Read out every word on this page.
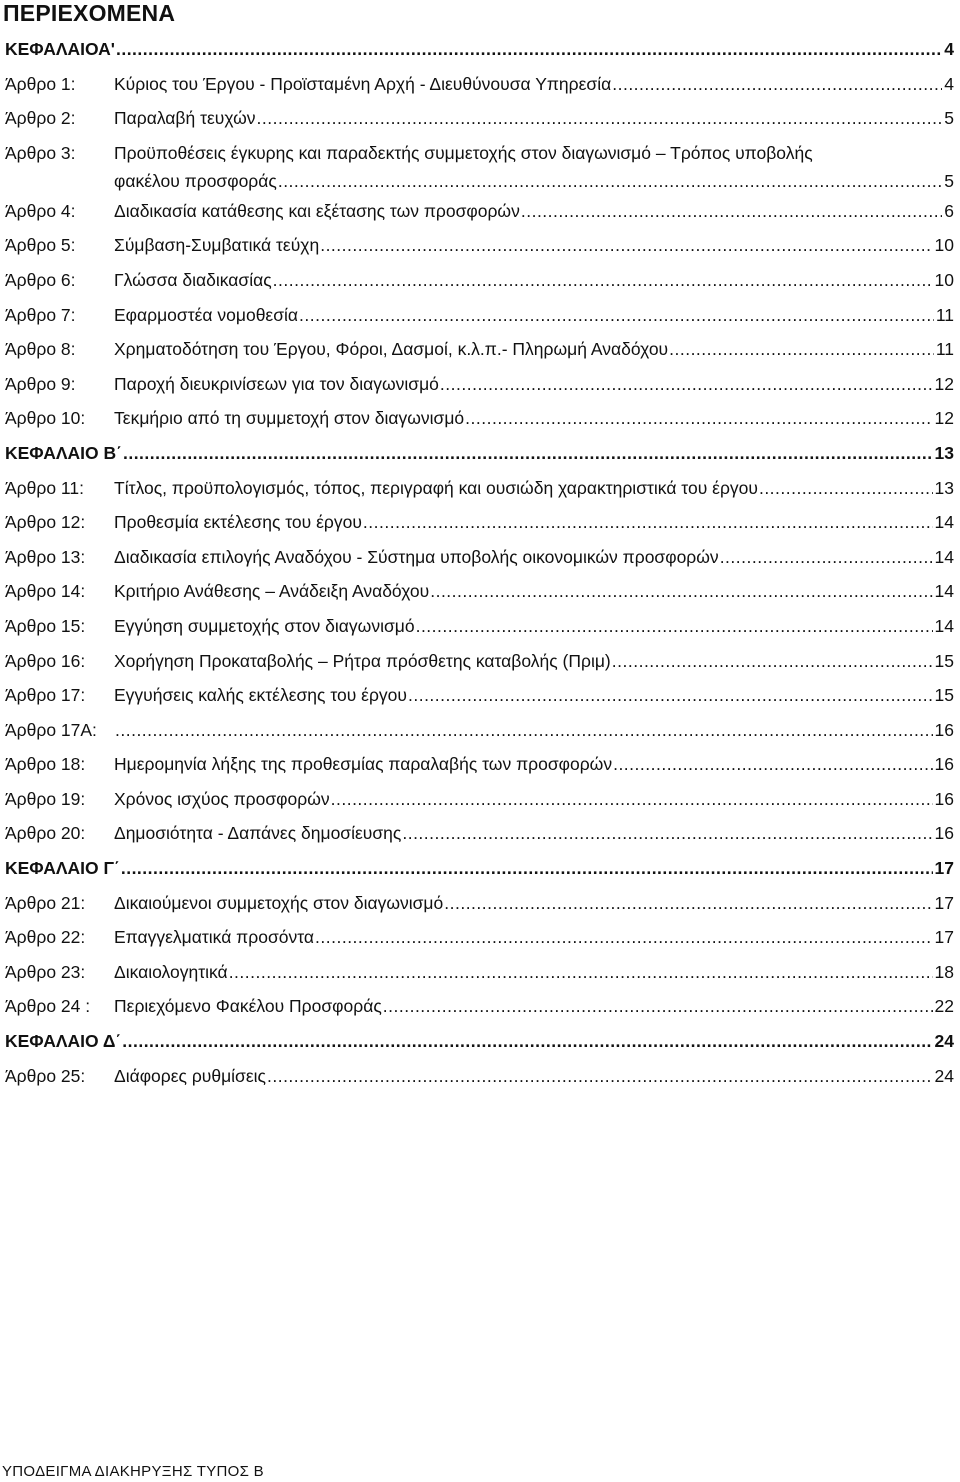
ΠΕΡΙΕΧΟΜΕΝΑ
ΚΕΦΑΛΑΙΟΑ' .....	4
Άρθρο 1: Κύριος του Έργου - Προϊσταμένη Αρχή - Διευθύνουσα Υπηρεσία .....	4
Άρθρο 2: Παραλαβή τευχών .....	5
Άρθρο 3: Προϋποθέσεις έγκυρης και παραδεκτής συμμετοχής στον διαγωνισμό – Τρόπος υποβολής
φακέλου προσφοράς .....	5
Άρθρο 4: Διαδικασία κατάθεσης και εξέτασης των προσφορών .....	6
Άρθρο 5: Σύμβαση-Συμβατικά τεύχη .....	10
Άρθρο 6: Γλώσσα διαδικασίας .....	10
Άρθρο 7: Εφαρμοστέα νομοθεσία .....	11
Άρθρο 8: Χρηματοδότηση του Έργου, Φόροι, Δασμοί, κ.λ.π.- Πληρωμή Αναδόχου .....	11
Άρθρο 9: Παροχή διευκρινίσεων για τον διαγωνισμό .....	12
Άρθρο 10: Τεκμήριο από τη συμμετοχή στον διαγωνισμό .....	12
ΚΕΦΑΛΑΙΟ Β΄ .....	13
Άρθρο 11: Τίτλος, προϋπολογισμός, τόπος, περιγραφή και ουσιώδη χαρακτηριστικά του έργου .....	13
Άρθρο 12: Προθεσμία εκτέλεσης του έργου .....	14
Άρθρο 13: Διαδικασία επιλογής Αναδόχου - Σύστημα υποβολής οικονομικών προσφορών .....	14
Άρθρο 14: Κριτήριο Ανάθεσης – Ανάδειξη Αναδόχου .....	14
Άρθρο 15: Εγγύηση συμμετοχής στον διαγωνισμό .....	14
Άρθρο 16: Χορήγηση Προκαταβολής – Ρήτρα πρόσθετης καταβολής (Πριμ) .....	15
Άρθρο 17: Εγγυήσεις καλής εκτέλεσης του έργου .....	15
Άρθρο 17Α: .....	16
Άρθρο 18: Ημερομηνία λήξης της προθεσμίας παραλαβής των προσφορών .....	16
Άρθρο 19: Χρόνος ισχύος προσφορών .....	16
Άρθρο 20: Δημοσιότητα - Δαπάνες δημοσίευσης .....	16
ΚΕΦΑΛΑΙΟ Γ΄ .....	17
Άρθρο 21: Δικαιούμενοι συμμετοχής στον διαγωνισμό .....	17
Άρθρο 22: Επαγγελματικά προσόντα .....	17
Άρθρο 23: Δικαιολογητικά .....	18
Άρθρο 24 : Περιεχόμενο Φακέλου Προσφοράς .....	22
ΚΕΦΑΛΑΙΟ Δ΄ .....	24
Άρθρο 25: Διάφορες ρυθμίσεις .....	24
ΥΠΟΔΕΙΓΜΑ ΔΙΑΚΗΡΥΞΗΣ ΤΥΠΟΣ Β
